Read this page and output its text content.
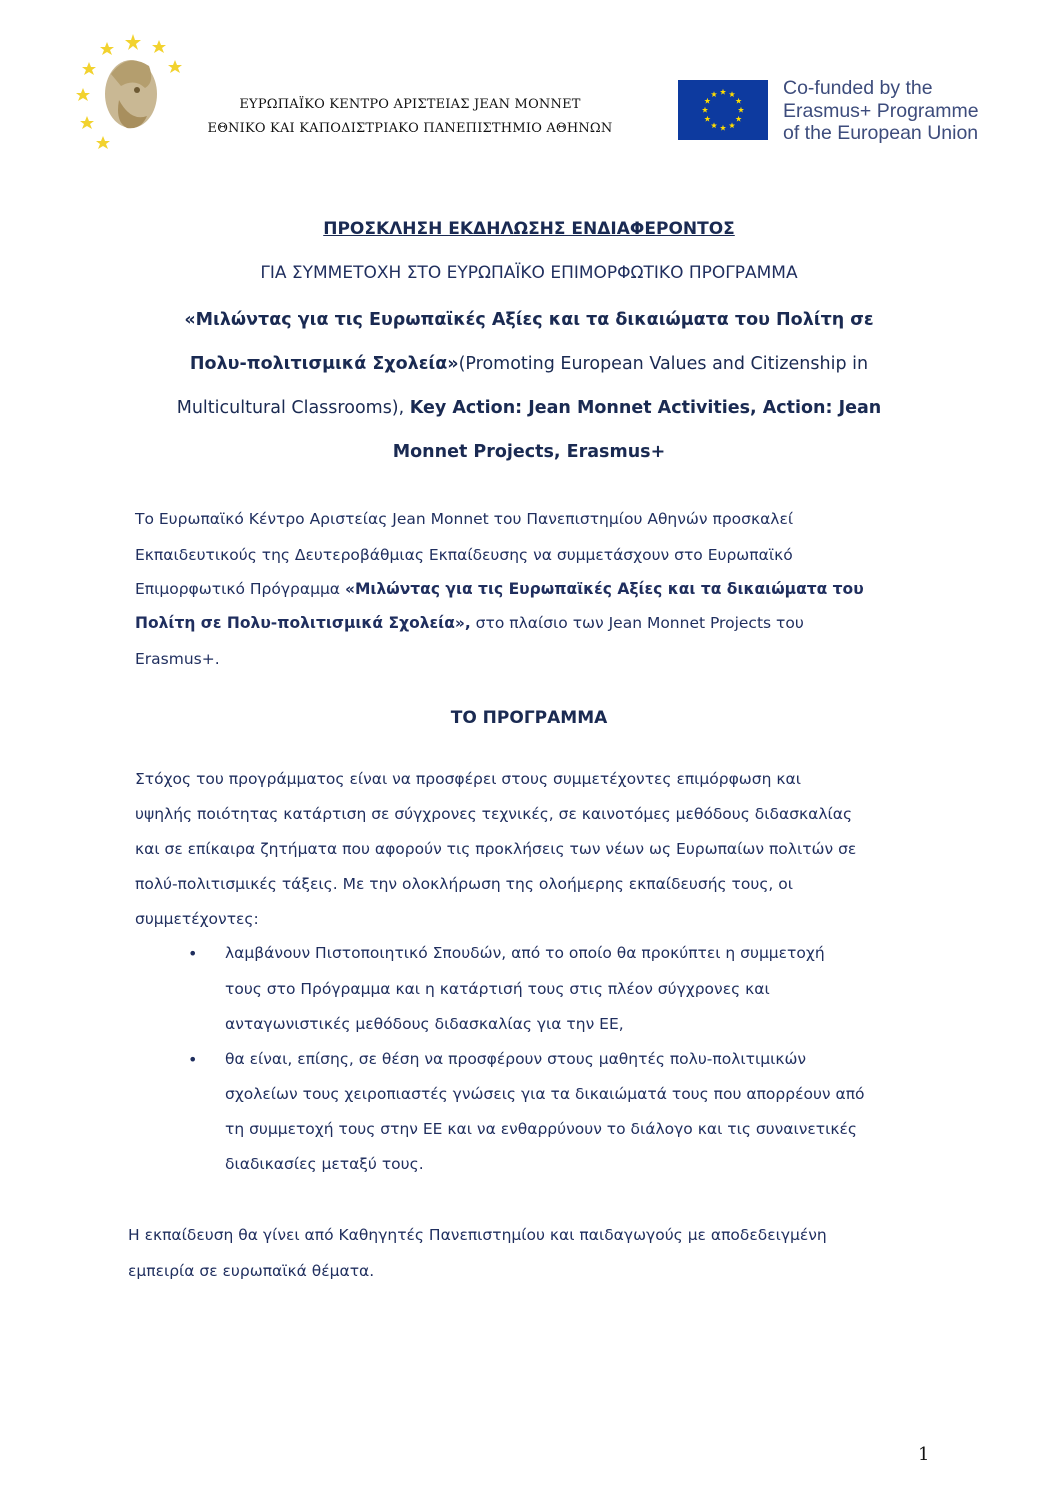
ΕΥΡΩΠΑΪΚΟ ΚΕΝΤΡΟ ΑΡΙΣΤΕΙΑΣ JEAN MONNET
ΕΘΝΙΚΟ ΚΑΙ ΚΑΠΟΔΙΣΤΡΙΑΚΟ ΠΑΝΕΠΙΣΤΗΜΙΟ ΑΘΗΝΩΝ
Co-funded by the
Erasmus+ Programme
of the European Union
ΠΡΟΣΚΛΗΣΗ ΕΚΔΗΛΩΣΗΣ ΕΝΔΙΑΦΕΡΟΝΤΟΣ
ΓΙΑ ΣΥΜΜΕΤΟΧΗ ΣΤΟ ΕΥΡΩΠΑΪΚΟ ΕΠΙΜΟΡΦΩΤΙΚΟ ΠΡΟΓΡΑΜΜΑ
«Μιλώντας για τις Ευρωπαϊκές Αξίες και τα δικαιώματα του Πολίτη σε
Πολυ-πολιτισμικά Σχολεία»(Promoting European Values and Citizenship in
Multicultural Classrooms), Key Action: Jean Monnet Activities, Action: Jean
Monnet Projects, Erasmus+
Το Ευρωπαϊκό Κέντρο Αριστείας Jean Monnet του Πανεπιστημίου Αθηνών προσκαλεί
Εκπαιδευτικούς της Δευτεροβάθμιας Εκπαίδευσης να συμμετάσχουν στο Ευρωπαϊκό
Επιμορφωτικό Πρόγραμμα «Μιλώντας για τις Ευρωπαϊκές Αξίες και τα δικαιώματα του
Πολίτη σε Πολυ-πολιτισμικά Σχολεία», στο πλαίσιο των Jean Monnet Projects του
Erasmus+.
ΤΟ ΠΡΟΓΡΑΜΜΑ
Στόχος του προγράμματος είναι να προσφέρει στους συμμετέχοντες επιμόρφωση και
υψηλής ποιότητας κατάρτιση σε σύγχρονες τεχνικές, σε καινοτόμες μεθόδους διδασκαλίας
και σε επίκαιρα ζητήματα που αφορούν τις προκλήσεις των νέων ως Ευρωπαίων πολιτών σε
πολύ-πολιτισμικές τάξεις. Με την ολοκλήρωση της ολοήμερης εκπαίδευσής τους, οι
συμμετέχοντες:
• λαμβάνουν Πιστοποιητικό Σπουδών, από το οποίο θα προκύπτει η συμμετοχή
τους στο Πρόγραμμα και η κατάρτισή τους στις πλέον σύγχρονες και
ανταγωνιστικές μεθόδους διδασκαλίας για την ΕΕ,
• θα είναι, επίσης, σε θέση να προσφέρουν στους μαθητές πολυ-πολιτιμικών
σχολείων τους χειροπιαστές γνώσεις για τα δικαιώματά τους που απορρέουν από
τη συμμετοχή τους στην ΕΕ και να ενθαρρύνουν το διάλογο και τις συναινετικές
διαδικασίες μεταξύ τους.
Η εκπαίδευση θα γίνει από Καθηγητές Πανεπιστημίου και παιδαγωγούς με αποδεδειγμένη
εμπειρία σε ευρωπαϊκά θέματα.
1
